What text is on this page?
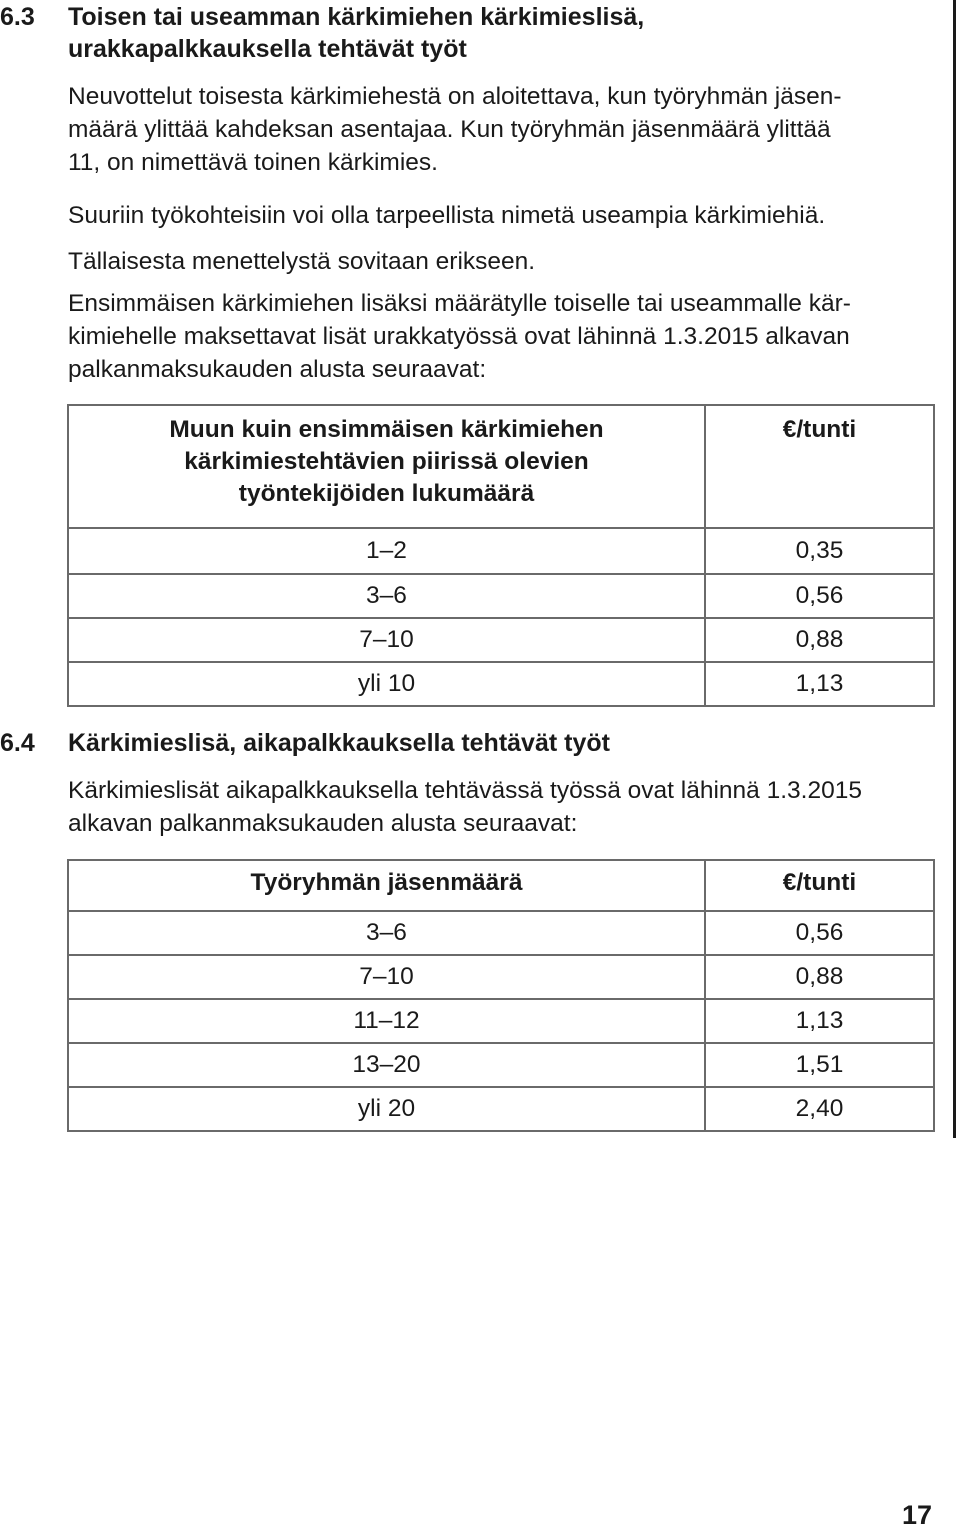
6.3 Toisen tai useamman kärkimiehen kärkimieslisä,
urakkapalkkauksella tehtävät työt

Neuvottelut toisesta kärkimiehestä on aloitettava, kun työryhmän jäsen-
määrä ylittää kahdeksan asentajaa. Kun työryhmän jäsenmäärä ylittää
11, on nimettävä toinen kärkimies.

Suuriin työkohteisiin voi olla tarpeellista nimetä useampia kärkimiehiä.
Tällaisesta menettelystä sovitaan erikseen.

Ensimmäisen kärkimiehen lisäksi määrätylle toiselle tai useammalle kär-
kimiehelle maksettavat lisät urakkatyössä ovat lähinnä 1.3.2015 alkavan
palkanmaksukauden alusta seuraavat:

Muun kuin ensimmäisen kärkimiehen
kärkimiestehtävien piirissä olevien
työntekijöiden lukumäärä	€/tunti
1–2	0,35
3–6	0,56
7–10	0,88
yli 10	1,13
6.4 Kärkimieslisä, aikapalkkauksella tehtävät työt

Kärkimieslisät aikapalkkauksella tehtävässä työssä ovat lähinnä 1.3.2015
alkavan palkanmaksukauden alusta seuraavat:

Työryhmän jäsenmäärä	€/tunti
3–6	0,56
7–10	0,88
11–12	1,13
13–20	1,51
yli 20	2,40
17
